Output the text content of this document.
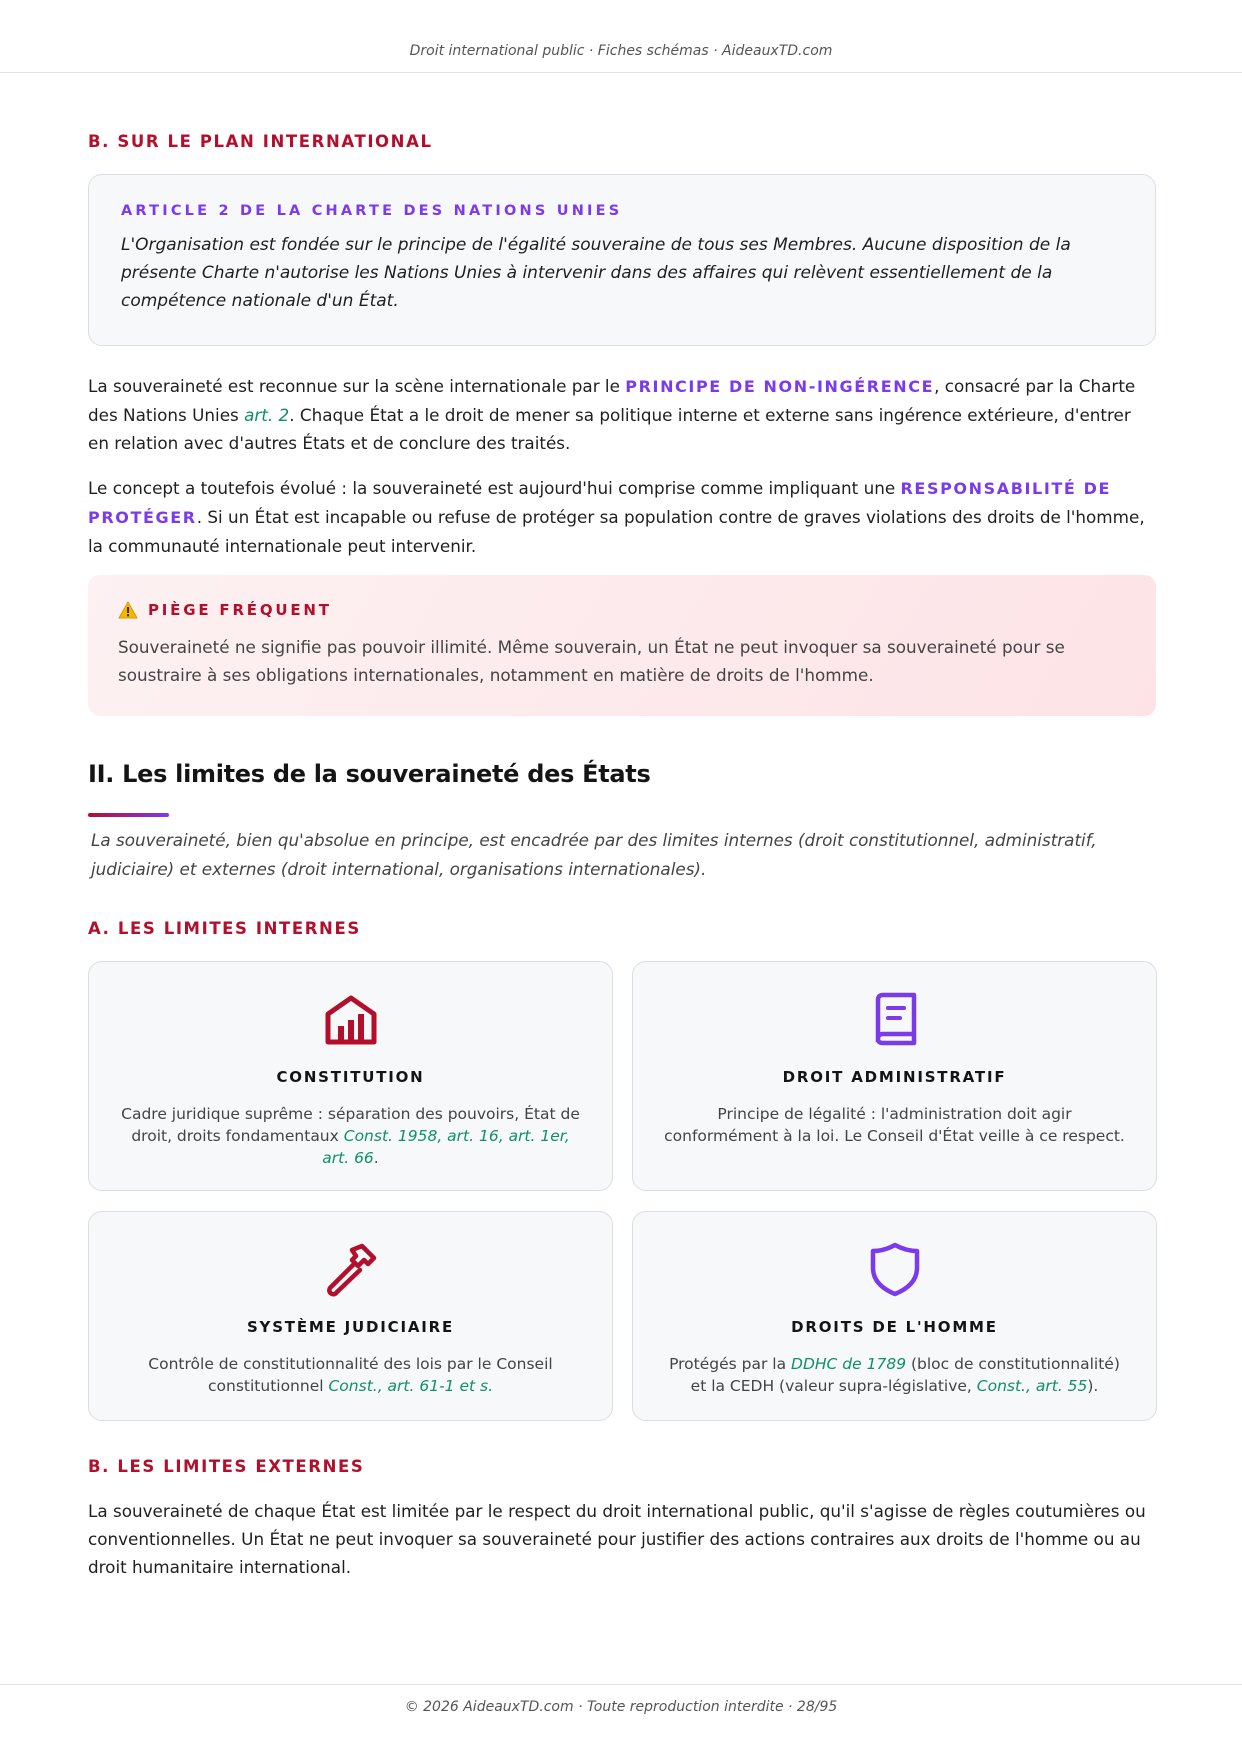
Droit international public · Fiches schémas · AideauxTD.com
B. SUR LE PLAN INTERNATIONAL
ARTICLE 2 DE LA CHARTE DES NATIONS UNIES
L'Organisation est fondée sur le principe de l'égalité souveraine de tous ses Membres. Aucune disposition de la présente Charte n'autorise les Nations Unies à intervenir dans des affaires qui relèvent essentiellement de la compétence nationale d'un État.

La souveraineté est reconnue sur la scène internationale par le PRINCIPE DE NON-INGÉRENCE, consacré par la Charte des Nations Unies art. 2. Chaque État a le droit de mener sa politique interne et externe sans ingérence extérieure, d'entrer en relation avec d'autres États et de conclure des traités.

Le concept a toutefois évolué : la souveraineté est aujourd'hui comprise comme impliquant une RESPONSABILITÉ DE PROTÉGER. Si un État est incapable ou refuse de protéger sa population contre de graves violations des droits de l'homme, la communauté internationale peut intervenir.

PIÈGE FRÉQUENT
Souveraineté ne signifie pas pouvoir illimité. Même souverain, un État ne peut invoquer sa souveraineté pour se soustraire à ses obligations internationales, notamment en matière de droits de l'homme.
II. Les limites de la souveraineté des États

La souveraineté, bien qu'absolue en principe, est encadrée par des limites internes (droit constitutionnel, administratif, judiciaire) et externes (droit international, organisations internationales).

A. LES LIMITES INTERNES
CONSTITUTION
Cadre juridique suprême : séparation des pouvoirs, État de droit, droits fondamentaux Const. 1958, art. 16, art. 1er, art. 66.
DROIT ADMINISTRATIF
Principe de légalité : l'administration doit agir conformément à la loi. Le Conseil d'État veille à ce respect.
SYSTÈME JUDICIAIRE
Contrôle de constitutionnalité des lois par le Conseil constitutionnel Const., art. 61-1 et s.
DROITS DE L'HOMME
Protégés par la DDHC de 1789 (bloc de constitutionnalité) et la CEDH (valeur supra-législative, Const., art. 55).
B. LES LIMITES EXTERNES

La souveraineté de chaque État est limitée par le respect du droit international public, qu'il s'agisse de règles coutumières ou conventionnelles. Un État ne peut invoquer sa souveraineté pour justifier des actions contraires aux droits de l'homme ou au droit humanitaire international.

© 2026 AideauxTD.com · Toute reproduction interdite · 28/95
